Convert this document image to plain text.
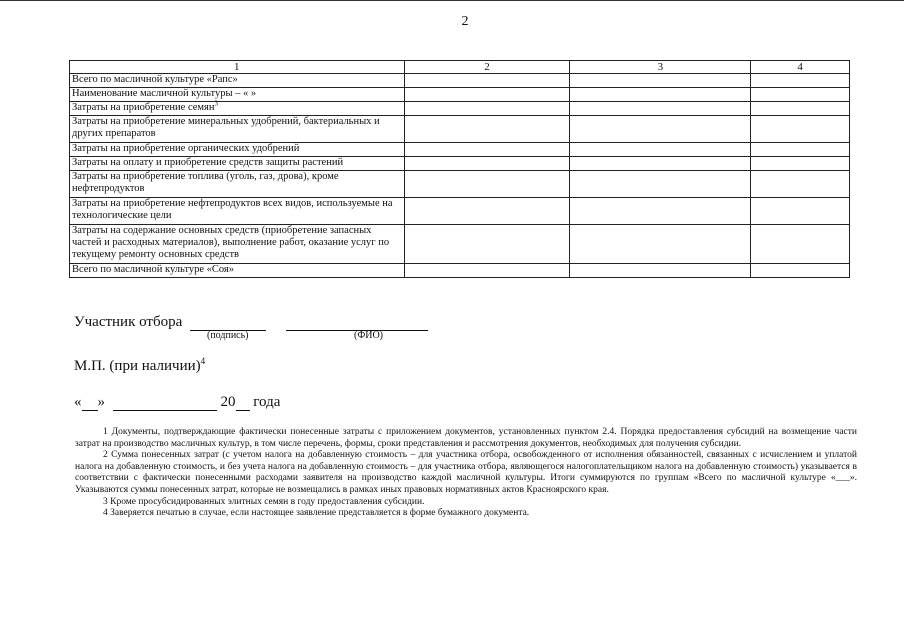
2
1	2	3	4
Всего по масличной культуре «Рапс»			
Наименование масличной культуры – « »			
Затраты на приобретение семян$^3$			
Затраты на приобретение минеральных удобрений, бактериальных и других препаратов			
Затраты на приобретение органических удобрений			
Затраты на оплату и приобретение средств защиты растений			
Затраты на приобретение топлива (уголь, газ, дрова), кроме нефтепродуктов			
Затраты на приобретение нефтепродуктов всех видов, используемые на технологические цели			
Затраты на содержание основных средств (приобретение запасных частей и расходных материалов), выполнение работ, оказание услуг по текущему ремонту основных средств			
Всего по масличной культуре «Соя»			
Участник отбора
(подпись)	(ФИО)
М.П. (при наличии)$^4$
« »	20 года

1 Документы, подтверждающие фактически понесенные затраты с приложением документов, установленных пунктом 2.4. Порядка предоставления субсидий на возмещение части затрат на производство масличных культур, в том числе перечень, формы, сроки представления и рассмотрения документов, необходимых для получения субсидии.

2 Сумма понесенных затрат (с учетом налога на добавленную стоимость – для участника отбора, освобожденного от исполнения обязанностей, связанных с исчислением и уплатой налога на добавленную стоимость, и без учета налога на добавленную стоимость – для участника отбора, являющегося налогоплательщиком налога на добавленную стоимость) указывается в соответствии с фактически понесенными расходами заявителя на производство каждой масличной культуры. Итоги суммируются по группам «Всего по масличной культуре «___». Указываются суммы понесенных затрат, которые не возмещались в рамках иных правовых нормативных актов Красноярского края.

3 Кроме просубсидированных элитных семян в году предоставления субсидии.

4 Заверяется печатью в случае, если настоящее заявление представляется в форме бумажного документа.
